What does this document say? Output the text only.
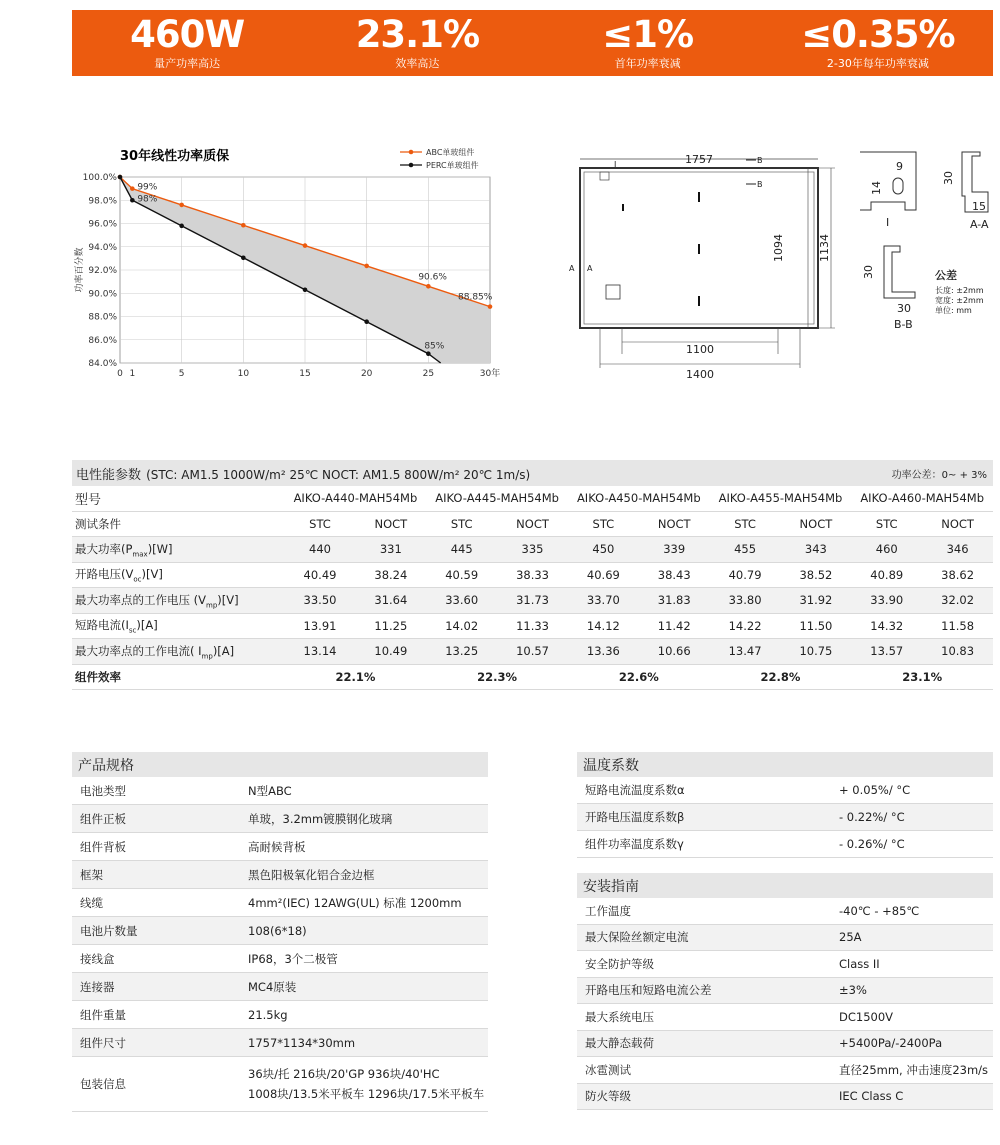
460W
量产功率高达
23.1%
效率高达
≤1%
首年功率衰减
≤0.35%
2-30年每年功率衰减
30年线性功率质保
100.0%
98.0%
96.0%
94.0%
92.0%
90.0%
88.0%
86.0%
84.0%
0 1	5	10	15	20	25	30年
功率百分数
99%
98%
90.6%
88.85%
85%
ABC单玻组件
PERC单玻组件	1757
I	B
B
A A
1094	1134
1100
1400
9
14
I
30
15
A-A
30
30
B-B
公差
长度: ±2mm
宽度: ±2mm
单位: mm
电性能参数 (STC: AM1.5 1000W/m² 25℃ NOCT: AM1.5 800W/m² 20℃ 1m/s)	功率公差：0~ + 3%
型号	AIKO-A440-MAH54Mb	AIKO-A445-MAH54Mb	AIKO-A450-MAH54Mb	AIKO-A455-MAH54Mb	AIKO-A460-MAH54Mb
测试条件	STC	NOCT	STC	NOCT	STC	NOCT	STC	NOCT	STC	NOCT
最大功率$(P_{max})[W]$	440	331	445	335	450	339	455	343	460	346
开路电压$(V_{oc})[V]$	40.49	38.24	40.59	38.33	40.69	38.43	40.79	38.52	40.89	38.62
最大功率点的工作电压 $(V_{mp})[V]$	33.50	31.64	33.60	31.73	33.70	31.83	33.80	31.92	33.90	32.02
短路电流$(I_{sc})[A]$	13.91	11.25	14.02	11.33	14.12	11.42	14.22	11.50	14.32	11.58
最大功率点的工作电流( $I_{mp})[A]$	13.14	10.49	13.25	10.57	13.36	10.66	13.47	10.75	13.57	10.83
组件效率	22.1%	22.3%	22.6%	22.8%	23.1%
产品规格
电池类型	N型ABC
组件正板	单玻，3.2mm镀膜钢化玻璃
组件背板	高耐候背板
框架	黑色阳极氧化铝合金边框
线缆	4mm²(IEC) 12AWG(UL) 标准 1200mm
电池片数量	108(6*18)
接线盒	IP68，3个二极管
连接器	MC4原装
组件重量	21.5kg
组件尺寸	1757*1134*30mm
包装信息
36块/托 216块/20'GP 936块/40'HC
1008块/13.5米平板车 1296块/17.5米平板车
温度系数
短路电流温度系数α	+ 0.05%/ °C
开路电压温度系数β	- 0.22%/ °C
组件功率温度系数γ	- 0.26%/ °C
安装指南
工作温度	-40℃ - +85℃
最大保险丝额定电流	25A
安全防护等级	Class II
开路电压和短路电流公差	±3%
最大系统电压	DC1500V
最大静态载荷	+5400Pa/-2400Pa
冰雹测试	直径25mm, 冲击速度23m/s
防火等级	IEC Class C
